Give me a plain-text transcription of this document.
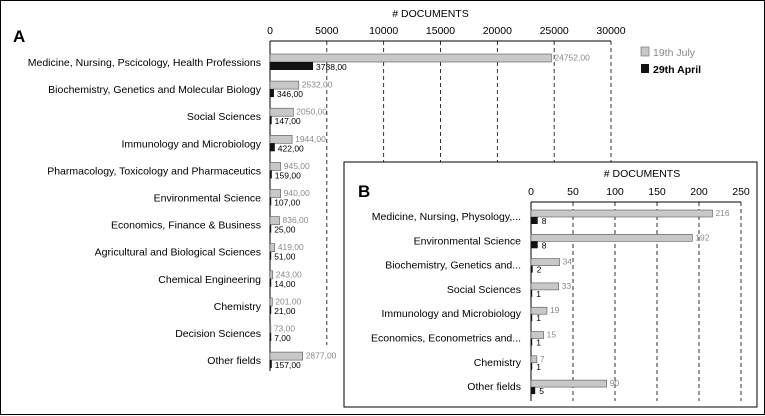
A
# DOCUMENTS
0	5000	10000	15000	20000	25000	30000
Medicine, Nursing, Pscicology, Health Professions	24752,00
3788,00
Biochemistry, Genetics and Molecular Biology	2532,00
346,00
Social Sciences	2050,00
147,00
Immunology and Microbiology	1944,00
422,00
Pharmacology, Toxicology and Pharmaceutics	945,00
159,00
Environmental Science	940,00
107,00
Economics, Finance & Business	836,00
25,00
Agricultural and Biological Sciences 419,00
51,00
Chemical Engineering 243,00
14,00
Chemistry 201,00
21,00
Decision Sciences 73,00
7,00
Other fields	2877,00
157,00
19th July
29th April
B
# DOCUMENTS
0	50	100 150 200 250
Medicine, Nursing, Physology,...	216
8
Environmental Science	192
8
Biochemistry, Genetics and...	34
2
Social Sciences	33
1
Immunology and Microbiology	19
1
Economics, Econometrics and...	15
1
Chemistry 7
1
Other fields	90
5
